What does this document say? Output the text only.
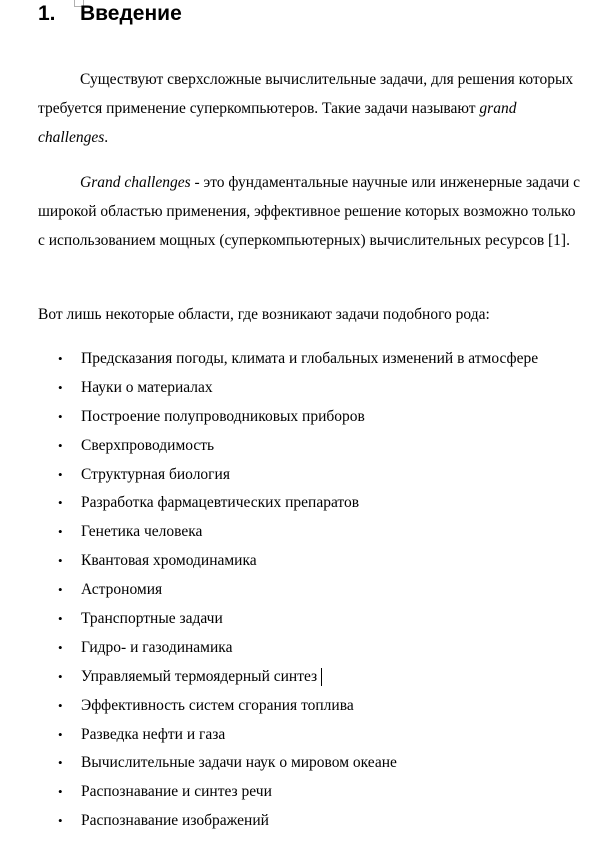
1. Введение

Существуют сверхсложные вычислительные задачи, для решения которых требуется применение суперкомпьютеров. Такие задачи называют grand challenges.

Grand challenges - это фундаментальные научные или инженерные задачи с широкой областью применения, эффективное решение которых возможно только с использованием мощных (суперкомпьютерных) вычислительных ресурсов [1].

Вот лишь некоторые области, где возникают задачи подобного рода:

• Предсказания погоды, климата и глобальных изменений в атмосфере
• Науки о материалах
• Построение полупроводниковых приборов
• Сверхпроводимость
• Структурная биология
• Разработка фармацевтических препаратов
• Генетика человека
• Квантовая хромодинамика
• Астрономия
• Транспортные задачи
• Гидро- и газодинамика
• Управляемый термоядерный синтез
• Эффективность систем сгорания топлива
• Разведка нефти и газа
• Вычислительные задачи наук о мировом океане
• Распознавание и синтез речи
• Распознавание изображений
